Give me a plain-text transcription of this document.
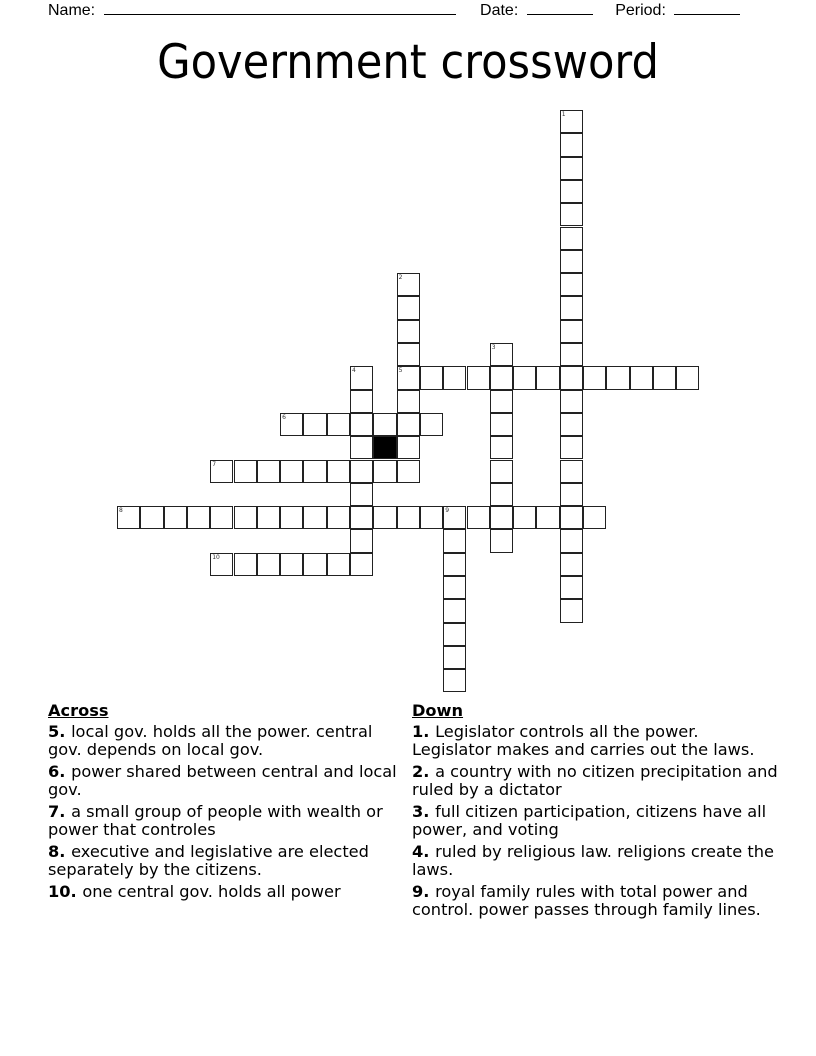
Name:	Date:	Period:
Government crossword
1
2
5
3
4
6
7
8	9
10
Across
5. local gov. holds all the power. central gov. depends on local gov.
6. power shared between central and local gov.
7. a small group of people with wealth or power that controles
8. executive and legislative are elected separately by the citizens.
10. one central gov. holds all power
Down
1. Legislator controls all the power. Legislator makes and carries out the laws.
2. a country with no citizen precipitation and ruled by a dictator
3. full citizen participation, citizens have all power, and voting
4. ruled by religious law. religions create the laws.
9. royal family rules with total power and control. power passes through family lines.
